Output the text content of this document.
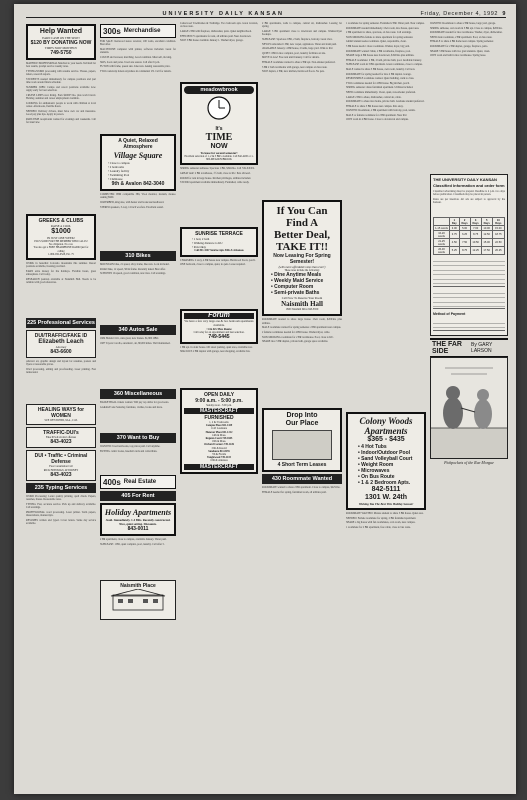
UNIVERSITY DAILY KANSAN	Friday, December 4, 1992 9
Help Wanted
EARN CASH ON THE SPOT!
$120 BY DONATING NOW
TIMES NOW MONTHLY
749-5750

MATHNO! PROFESSIONAL Matched to your needs. Ted/mail for best results, prompt service weekly rates.

TYPING/WORD processing with resume service. Theses, papers, letters, research reports.

STUDENTS needed immediately for campus positions and part time work around finals schedule.

SUMMER JOBS: Camps and resort positions available now. Apply early for best selection.

CRUISE LINES now hiring. Earn $2000+/mo. plus world travel. Holiday, summer and career employment available.

LOOKING for enthusiastic people to work with children at local center. Afternoons, flexible hours.

NEEDED: Delivery drivers, must have own car and insurance. Good pay plus tips. Apply in person.

PART-TIME receptionist wanted for evenings and weekends. Call for interview.

GREEKS & CLUBS
RAISE A COOL
$1000
IN JUST ONE WEEK!
PLUS $1000 FOR THE MEMBER WHO CALLS!
No obligation. No cost.
You also get a FREE HEADPHONE RADIO just for calling
1-800-932-0528, Ext. 75

WORK in beautiful Colorado mountains this summer. Resort positions available, housing provided.

EARN extra money for the holidays. Flexible hours, great atmosphere. Call today.

RESEARCH position available at Naismith Hall. Needs to be reliable with good references.

225 Professional Services
DUI/TRAFFIC/FAKE ID
Elizabeth Leach
Attorney
843-6600

Abstract art, graphic design and layout for resumes, posters and flyers at reasonable prices.

Word processing, editing and proofreading. Laser printing. Fast turnaround.

HEALING WAYS for WOMEN
SUE WESTWIND, M.A., C.M.
TRAFFIC-DUI's
Fake ID's & alcohol offenses
843-4023
DUI • Traffic • Criminal Defense
Free Consultation Call
RICK FRYDMAN, ATTORNEY
843-4023
235 Typing Services

WORD Processing: Letter quality printing, spell check. Papers, resumes, theses. Reasonable rates.

TYPING: Fast, accurate service. Pick up and delivery available. Call evenings.

PROFESSIONAL word processing. Laser printer. Term papers, dissertations, manuscripts.

RESUMES written and typed. Cover letters. Same day service available.

300s Merchandise

FOR SALE: Kenwood stereo receiver, 100 watts, excellent condition. Best offer.

MACINTOSH computer with printer, software included. Great for students.

COUCH and loveseat, matching. Good condition. Must sell, moving.

SKIS, boots and poles. Used one season. Call after 6 p.m.

FUTON with frame, queen size. Like new. Asking reasonable price.

TWO round-trip tickets anywhere in continental US. Call for details.

A Quiet, Relaxed
Atmosphere
Village Square
• Close to campus
• 2 bedrooms
• Laundry facility
• Swimming Pool
• Clubhouse
9th & Avalon 842-3040

COMPUTER: IBM compatible 386, VGA monitor, modem, mouse. Asking $900.

WATERBED, king size, with heater and bookcase headboard.

STEREO speakers, 3-way, 12 inch woofers. Excellent sound.

310 Bikes

MOUNTAIN bike, 21 speed, alloy frame, like new. Lock included.

ROAD bike, 12 speed, 58cm frame. Recently tuned. Best offer.

SCHWINN 10-speed, good condition, new tires. Call evenings.

340 Autos Sale

1984 Honda Civic, runs great, new brakes. $1,800 OBO.

1987 Toyota Corolla, automatic, air, 80,000 miles. Well maintained.

360 Miscellaneous

BASKETBALL tickets wanted. Will pay top dollar for good seats.

GARAGE sale Saturday, furniture, clothes, books and more.

370 Want to Buy

WANTED: Used textbooks, top prices paid. Call anytime.

BUYING comic books, baseball cards and collectibles.

400s Real Estate
405 For Rent
Holiday Apartments
Avail. Immediately. 1-4 BRs. Recently constructed. Nice, quiet setting. Discounts.
843-0011

2 BR apartment, close to campus, available January. Water paid.

SUBLEASE: 1 BR, quiet complex, pool, laundry. Call after 5.

Naismith Place

Cedarwood Townhomes & Trailridge. Two bedroom apts. Great location, on bus route.

LARGE 2 BR with fireplace, dishwasher, patio. Quiet neighborhood.

EFFICIENCY apartments for rent, all utilities paid. Near downtown.

NICE 3 BR house available January 1. Washer/dryer, garage.

meadowbrook
It's
TIME
NOW
To lease for second semester!
Excellent selection of 1, 2 & 3 BR's available. Call 842-4200 or 1-800-MEADOWBROOK

SPRING semester sublease. Spacious 1 BR, $340/mo. Call 749-XXXX.

GREAT deal! 2 BR townhouse, 1½ bath, close to KU. Pets allowed.

ROOM for rent in large house. Kitchen privileges, utilities included.

STUDIO apartment available immediately. Furnished, cable ready.

SUNRISE TERRACE
• 1 bed, 2 bath
• Walking distance to KU
• Pets Okay
Call 841-3267 Sunrise Apts 50th & Arkansas

CHARMING 2 story, 4 BR house near campus. Hardwood floors, porch.

ONE bedroom, close to campus, quiet, no pets. Lease required.

Forum
We have a few very large one & two bedroom apartments available.
• On KU Bus Route
Call today for an appointment and best selection.
749-5445

1 BR apt. in older house. Off street parking, quiet area, available now.

SPACIOUS 2 BR duplex with garage, near shopping, available Jan.

OPEN DAILY
9:00 a.m. - 5:00 p.m.
Sunday noon - 5:00 p.m.
MASTERCRAFT
FURNISHED
1, 2 & 3 bedrooms
Campus Place 841-1429
1145 Louisiana
Hanover Place 841-1212
14th & Mass.
Regents Court 749-0445
19th & Mass.
Orchard Corners 749-1226
15th & Kasold
Sundance 841-8255
7th & Florida
Tanglewood 749-2415
10th & Arkansas
MASTERCRAFT

2 BR apartments, walk to campus, central air, dishwasher. Leasing for spring.

LARGE 3 BR apartment close to downtown and campus. Washer/dryer hookups.

SUBLEASE: Spacious 2 BR, 2 bath, fireplace, balcony. Great view.

NEWLY remodeled 1 BR, new carpet, appliances. Water and trash paid.

AVAILABLE January: 4 BR house, 2 baths, large yard. Walk to KU.

QUIET 1 BR in nice complex, pool, laundry facilities on site.

MOVE in now! Free rent until January. Call for details.

FEMALE roommate wanted to share 2 BR apt. Non-smoker preferred.

3 BR 2 bath townhome with garage, near campus on bus route.

NICE duplex, 2 BR, new kitchen, hardwood floors. No pets.

If You Can
Find A
Better Deal,
TAKE IT!!
Now Leasing For Spring Semester!
(with more affordable rates than ever!)
These rates include the following:
• Dine Anytime Meals
• Weekly Maid Service
• Computer Room
• Semi-private Baths
Call Now To Reserve Your Room
Naismith Hall
1800 Naismith Drive 843-8559

ROOMMATE needed to share large house. Own room, $200/mo plus utilities.

MALE roommate wanted for spring semester. 2 BR apartment near campus.

2 female roommates needed for 4 BR house. Washer/dryer, cable.

NON-SMOKING roommate for 2 BR townhouse. Pool, close to KU.

SHARE nice 3 BR duplex, private bath, garage space available.

Drop Into
Our Place
4 Short Term Leases
430 Roommate Wanted

ROOMMATE wanted to share 2 BR apartment. Close to campus, $225/mo.

FEMALE needed for spring, furnished room, all utilities paid.

1 roommate for spring semester. Furnished 2 BR. Water paid. Near campus.

ROOMMATE needed immediately. Own room, nice house, quiet area.

2 BR apartment to share, spacious, on bus route. Call evenings.

NON-SMOKING female to share apartment for spring semester.

GRAD student seeks roommate. Quiet, responsible, clean.

3 BR house needs 1 more roommate. Washer, dryer, big yard.

ROOMMATE wanted: Male, 2 BR townhome, fireplace, pool.

SHARE large 4 BR house near downtown, $190/mo plus utilities.

FEMALE roommate: 2 BR, 2 bath, private bath, pool. Available January.

SUBLEASE room in 3 BR apartment. Great roommates, close to campus.

MALE wanted to share 3 BR house, own room, laundry. Call now.

ROOMMATE for spring needed for nice 2 BR duplex. Garage.

RESPONSIBLE roommate wanted. Quiet building, walk to class.

TWO roommates needed for 4 BR house. Big kitchen, porch.

SPRING semester: share furnished apartment. Utilities included.

NEED roommate immediately. Clean, quiet, non-smoker preferred.

LARGE 2 BR to share, dishwasher, central air, cable.

ROOMMATE to share nice home, private bath. Graduate student preferred.

FEMALE to share 3 BR house near campus. Pets okay.

WANTED: Roommate, 2 BR apartment with balcony, pool, tennis.

MALE or female roommate for 2 BR apartment. Near KU.

OWN room in 4 BR house. Close to downtown and campus.

Colony Woods Apartments
$365 - $435
• 4 Hot Tubs
• Indoor/Outdoor Pool
• Sand Volleyball Court
• Weight Room
• Microwaves
• On Bus Route
• 1 & 2 Bedroom Apts.
842-5111
1301 W. 24th
Wishing You The Best This Holiday Season!

ROOMMATE WANTED: Mature student to share 3 BR house. Quiet area.

NEEDED: Female roommate for spring, 2 BR furnished apartment.

SHARE a big house with fun roommates, own room, near campus.

1 roommate for 2 BR apartment, free cable, close to bus route.

WANTED: Roommate to share 2 BR house, large yard, garage.

SPRING sublease, own room in 3 BR apt. Close to campus, $200/mo.

ROOMMATE needed for nice townhouse. Washer, dryer, dishwasher.

NEED male roommate, 2 BR apartment. Pool, on bus route.

FEMALE to share 4 BR home near campus. Spring semester.

ROOMMATE for 2 BR duplex, garage, fireplace, patio.

SHARE 3 BR house with two grad students. Quiet, clean.

OWN room and bath in nice townhouse. Spring lease.

THE UNIVERSITY DAILY KANSAN
Classified Information and order form

Classified advertising must be prepaid. Deadline is 4 p.m. two days before publication. Classifieds may be placed in person.

Rates are per insertion. All ads are subject to approval by the Kansan.

	1 Day	2 Days	3 Days	5 Days	10 Days
1-15 words	3.00	5.00	7.00	10.00	15.00
16-20 words	3.75	6.25	8.75	12.50	18.75
21-25 words	4.50	7.50	10.50	15.00	22.50
26-30 words	5.25	8.75	12.25	17.50	26.25
Method of Payment
THE FAR SIDE
By GARY LARSON
Pickpockets of the Rue Morgue
